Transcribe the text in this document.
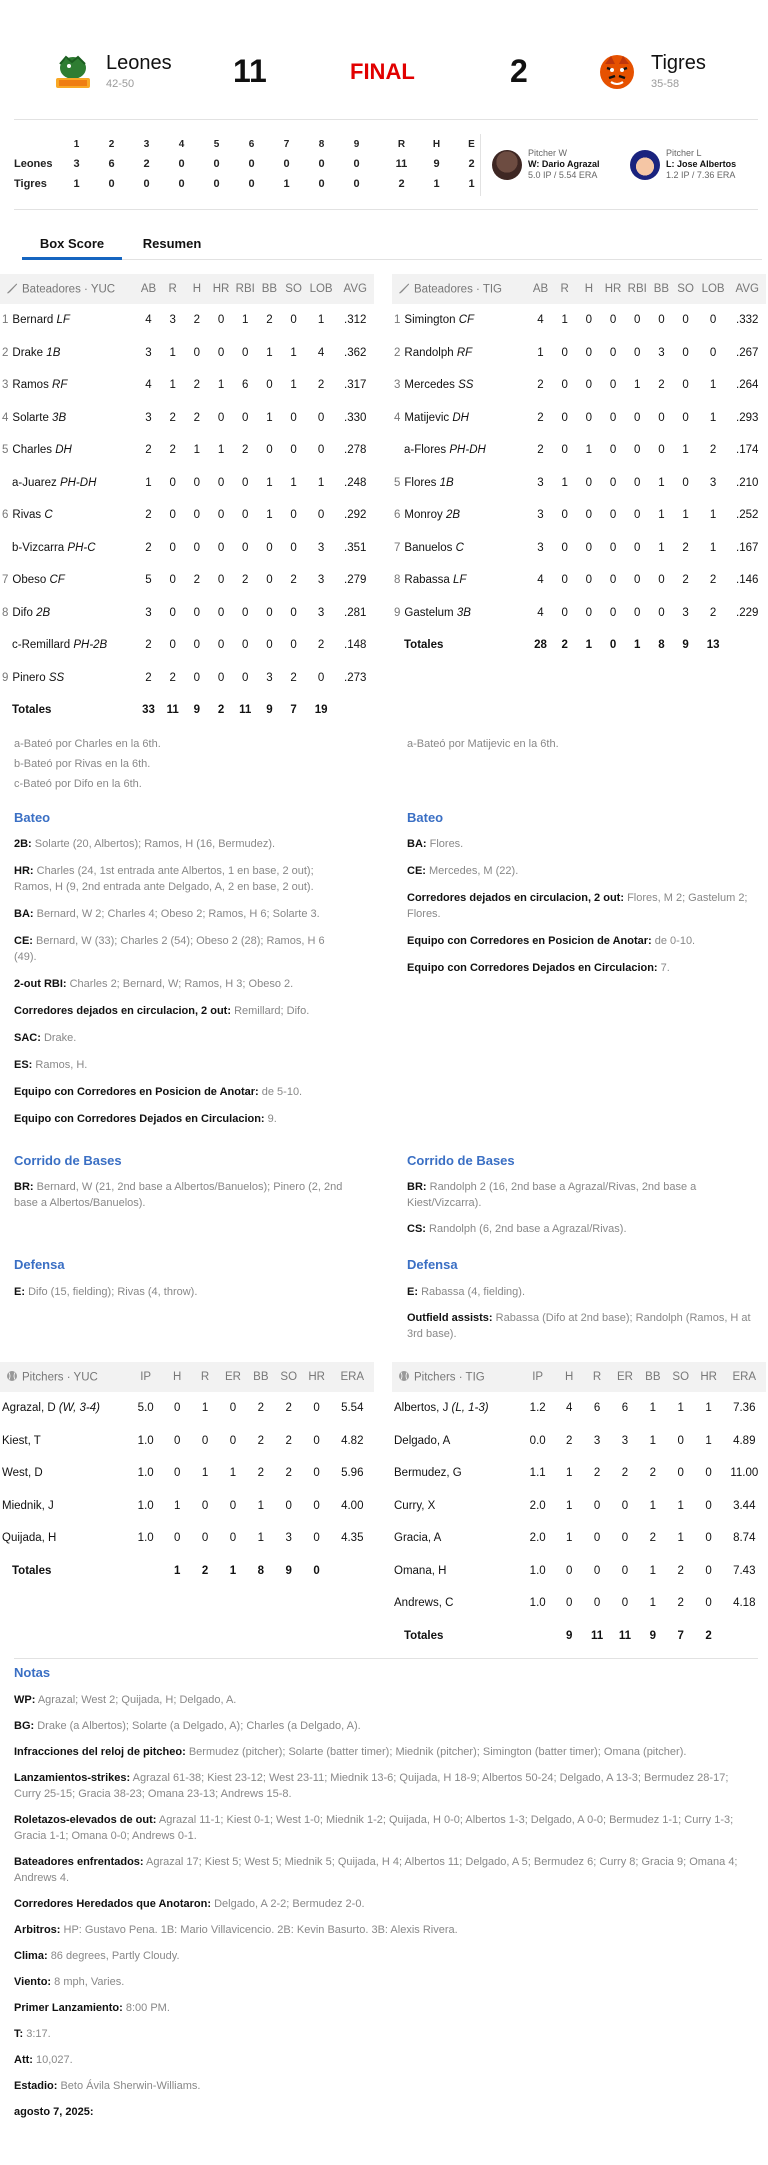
Leones
42-50	11	FINAL	2	Tigres
35-58
	1	2	3	4	5	6	7	8	9		R	H	E
Leones	3	6	2	0	0	0	0	0	0		11	9	2
Tigres	1	0	0	0	0	0	1	0	0		2	1	1
Pitcher W
W: Dario Agrazal
5.0 IP / 5.54 ERA
Pitcher L
L: Jose Albertos
1.2 IP / 7.36 ERA
Box Score	Resumen
Bateadores · YUC	AB	R	H	HR	RBI	BB	SO	LOB	AVG
1 Bernard LF	4	3	2	0	1	2	0	1	.312
2 Drake 1B	3	1	0	0	0	1	1	4	.362
3 Ramos RF	4	1	2	1	6	0	1	2	.317
4 Solarte 3B	3	2	2	0	0	1	0	0	.330
5 Charles DH	2	2	1	1	2	0	0	0	.278
a-Juarez PH-DH	1	0	0	0	0	1	1	1	.248
6 Rivas C	2	0	0	0	0	1	0	0	.292
b-Vizcarra PH-C	2	0	0	0	0	0	0	3	.351
7 Obeso CF	5	0	2	0	2	0	2	3	.279
8 Difo 2B	3	0	0	0	0	0	0	3	.281
c-Remillard PH-2B	2	0	0	0	0	0	0	2	.148
9 Pinero SS	2	2	0	0	0	3	2	0	.273
Totales	33	11	9	2	11	9	7	19	
Bateadores · TIG	AB	R	H	HR	RBI	BB	SO	LOB	AVG
1 Simington CF	4	1	0	0	0	0	0	0	.332
2 Randolph RF	1	0	0	0	0	3	0	0	.267
3 Mercedes SS	2	0	0	0	1	2	0	1	.264
4 Matijevic DH	2	0	0	0	0	0	0	1	.293
a-Flores PH-DH	2	0	1	0	0	0	1	2	.174
5 Flores 1B	3	1	0	0	0	1	0	3	.210
6 Monroy 2B	3	0	0	0	0	1	1	1	.252
7 Banuelos C	3	0	0	0	0	1	2	1	.167
8 Rabassa LF	4	0	0	0	0	0	2	2	.146
9 Gastelum 3B	4	0	0	0	0	0	3	2	.229
Totales	28	2	1	0	1	8	9	13	
a-Bateó por Charles en la 6th.
b-Bateó por Rivas en la 6th.
c-Bateó por Difo en la 6th.
a-Bateó por Matijevic en la 6th.
Bateo
2B: Solarte (20, Albertos); Ramos, H (16, Bermudez).
HR: Charles (24, 1st entrada ante Albertos, 1 en base, 2 out); Ramos, H (9, 2nd entrada ante Delgado, A, 2 en base, 2 out).
BA: Bernard, W 2; Charles 4; Obeso 2; Ramos, H 6; Solarte 3.
CE: Bernard, W (33); Charles 2 (54); Obeso 2 (28); Ramos, H 6 (49).
2-out RBI: Charles 2; Bernard, W; Ramos, H 3; Obeso 2.
Corredores dejados en circulacion, 2 out: Remillard; Difo.
SAC: Drake.
ES: Ramos, H.
Equipo con Corredores en Posicion de Anotar: de 5-10.
Equipo con Corredores Dejados en Circulacion: 9.
Bateo
BA: Flores.
CE: Mercedes, M (22).
Corredores dejados en circulacion, 2 out: Flores, M 2; Gastelum 2; Flores.
Equipo con Corredores en Posicion de Anotar: de 0-10.
Equipo con Corredores Dejados en Circulacion: 7.
Corrido de Bases
BR: Bernard, W (21, 2nd base a Albertos/Banuelos); Pinero (2, 2nd base a Albertos/Banuelos).
Corrido de Bases
BR: Randolph 2 (16, 2nd base a Agrazal/Rivas, 2nd base a Kiest/Vizcarra).
CS: Randolph (6, 2nd base a Agrazal/Rivas).
Defensa
E: Difo (15, fielding); Rivas (4, throw).
Defensa
E: Rabassa (4, fielding).
Outfield assists: Rabassa (Difo at 2nd base); Randolph (Ramos, H at 3rd base).
Pitchers · YUC	IP	H	R	ER	BB	SO	HR	ERA
Agrazal, D (W, 3-4)	5.0	0	1	0	2	2	0	5.54
Kiest, T	1.0	0	0	0	2	2	0	4.82
West, D	1.0	0	1	1	2	2	0	5.96
Miednik, J	1.0	1	0	0	1	0	0	4.00
Quijada, H	1.0	0	0	0	1	3	0	4.35
Totales		1	2	1	8	9	0	
Pitchers · TIG	IP	H	R	ER	BB	SO	HR	ERA
Albertos, J (L, 1-3)	1.2	4	6	6	1	1	1	7.36
Delgado, A	0.0	2	3	3	1	0	1	4.89
Bermudez, G	1.1	1	2	2	2	0	0	11.00
Curry, X	2.0	1	0	0	1	1	0	3.44
Gracia, A	2.0	1	0	0	2	1	0	8.74
Omana, H	1.0	0	0	0	1	2	0	7.43
Andrews, C	1.0	0	0	0	1	2	0	4.18
Totales		9	11	11	9	7	2	
Notas
WP: Agrazal; West 2; Quijada, H; Delgado, A.
BG: Drake (a Albertos); Solarte (a Delgado, A); Charles (a Delgado, A).
Infracciones del reloj de pitcheo: Bermudez (pitcher); Solarte (batter timer); Miednik (pitcher); Simington (batter timer); Omana (pitcher).
Lanzamientos-strikes: Agrazal 61-38; Kiest 23-12; West 23-11; Miednik 13-6; Quijada, H 18-9; Albertos 50-24; Delgado, A 13-3; Bermudez 28-17; Curry 25-15; Gracia 38-23; Omana 23-13; Andrews 15-8.
Roletazos-elevados de out: Agrazal 11-1; Kiest 0-1; West 1-0; Miednik 1-2; Quijada, H 0-0; Albertos 1-3; Delgado, A 0-0; Bermudez 1-1; Curry 1-3; Gracia 1-1; Omana 0-0; Andrews 0-1.
Bateadores enfrentados: Agrazal 17; Kiest 5; West 5; Miednik 5; Quijada, H 4; Albertos 11; Delgado, A 5; Bermudez 6; Curry 8; Gracia 9; Omana 4; Andrews 4.
Corredores Heredados que Anotaron: Delgado, A 2-2; Bermudez 2-0.
Arbitros: HP: Gustavo Pena. 1B: Mario Villavicencio. 2B: Kevin Basurto. 3B: Alexis Rivera.
Clima: 86 degrees, Partly Cloudy.
Viento: 8 mph, Varies.
Primer Lanzamiento: 8:00 PM.
T: 3:17.
Att: 10,027.
Estadio: Beto Ávila Sherwin-Williams.
agosto 7, 2025:
